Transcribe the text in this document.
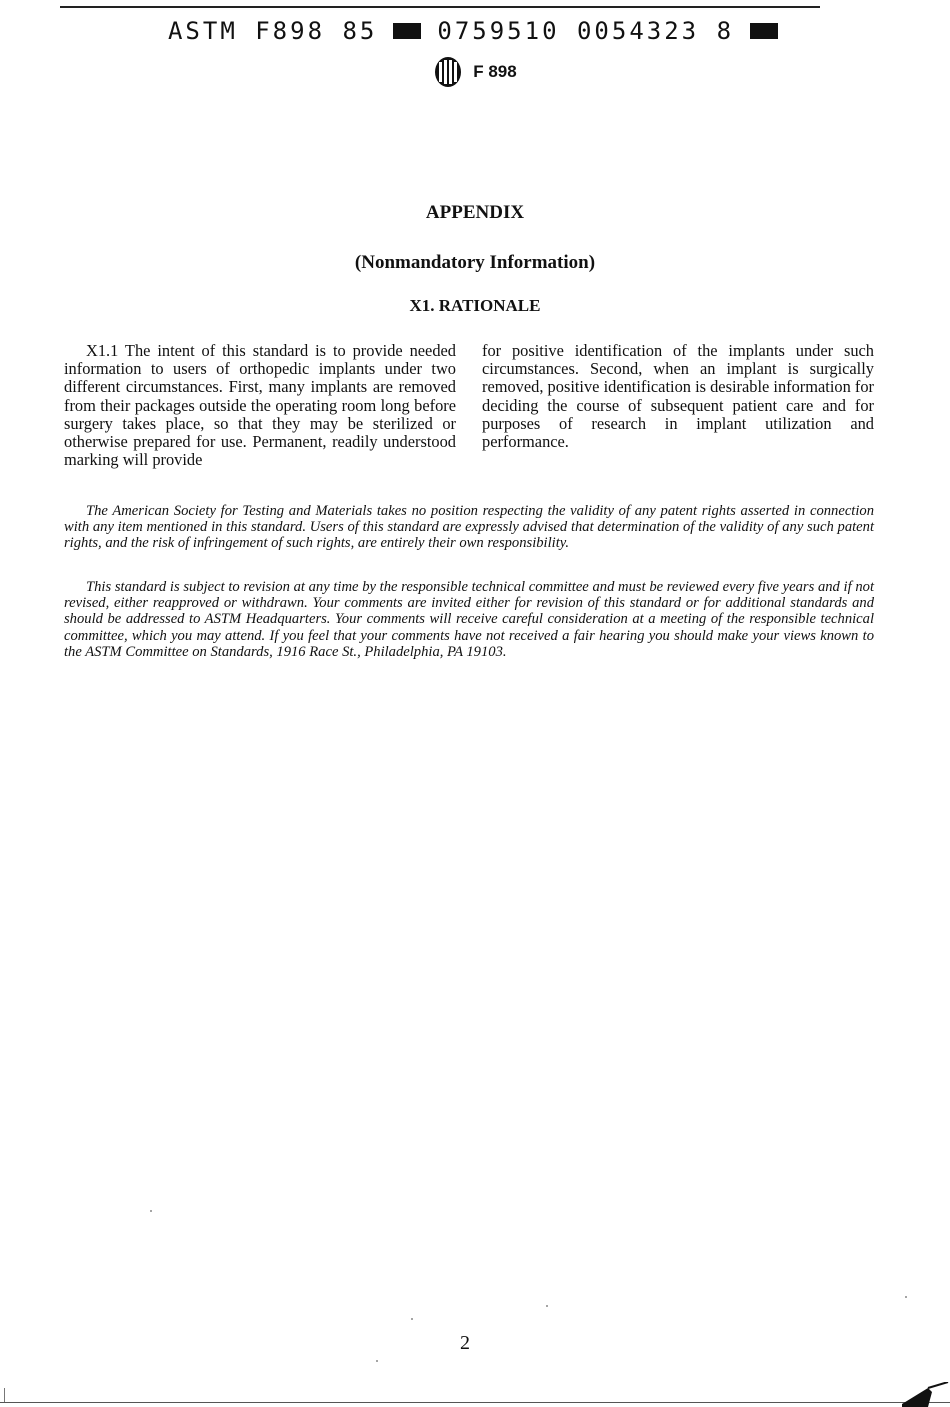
ASTM F898 85	0759510 0054323 8
F 898
APPENDIX
(Nonmandatory Information)
X1. RATIONALE

X1.1 The intent of this standard is to provide needed information to users of orthopedic implants under two different circumstances. First, many implants are removed from their packages outside the operating room long before surgery takes place, so that they may be sterilized or otherwise prepared for use. Permanent, readily understood marking will provide

for positive identification of the implants under such circumstances. Second, when an implant is surgically removed, positive identification is desirable information for deciding the course of subsequent patient care and for purposes of research in implant utilization and performance.

The American Society for Testing and Materials takes no position respecting the validity of any patent rights asserted in connection with any item mentioned in this standard. Users of this standard are expressly advised that determination of the validity of any such patent rights, and the risk of infringement of such rights, are entirely their own responsibility.

This standard is subject to revision at any time by the responsible technical committee and must be reviewed every five years and if not revised, either reapproved or withdrawn. Your comments are invited either for revision of this standard or for additional standards and should be addressed to ASTM Headquarters. Your comments will receive careful consideration at a meeting of the responsible technical committee, which you may attend. If you feel that your comments have not received a fair hearing you should make your views known to the ASTM Committee on Standards, 1916 Race St., Philadelphia, PA 19103.

2
